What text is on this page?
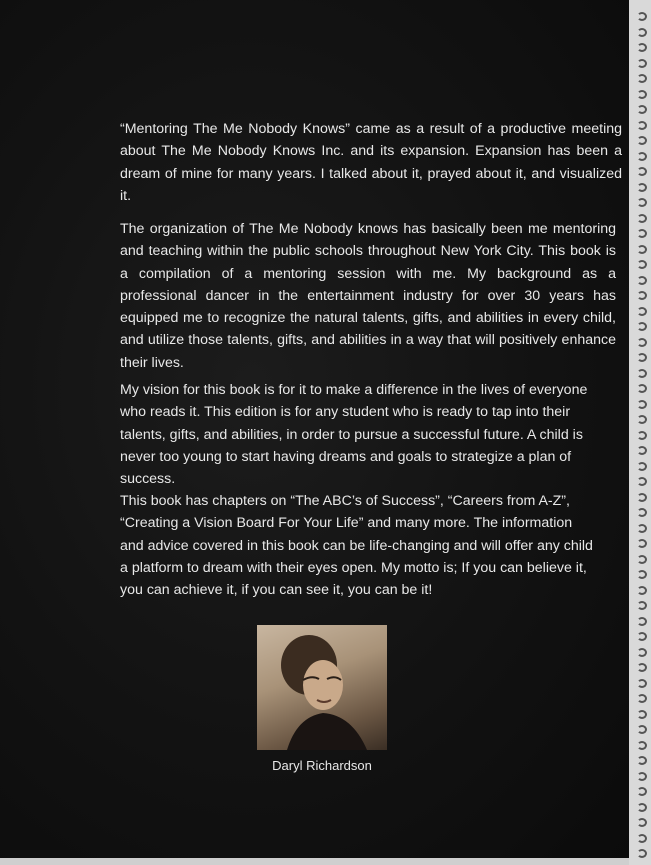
“Mentoring The Me Nobody Knows” came as a result of a productive meeting about The Me Nobody Knows Inc. and its expansion. Expansion has been a dream of mine for many years. I talked about it, prayed about it, and visualized it.

The organization of The Me Nobody knows has basically been me mentoring and teaching within the public schools throughout New York City. This book is a compilation of a mentoring session with me. My background as a professional dancer in the entertainment industry for over 30 years has equipped me to recognize the natural talents, gifts, and abilities in every child, and utilize those talents, gifts, and abilities in a way that will positively enhance their lives.

My vision for this book is for it to make a difference in the lives of everyone who reads it. This edition is for any student who is ready to tap into their talents, gifts, and abilities, in order to pursue a successful future. A child is never too young to start having dreams and goals to strategize a plan of success.

This book has chapters on “The ABC’s of Success”, “Careers from A-Z”, “Creating a Vision Board For Your Life” and many more. The information and advice covered in this book can be life-changing and will offer any child a platform to dream with their eyes open. My motto is; If you can believe it, you can achieve it, if you can see it, you can be it!

Daryl Richardson
